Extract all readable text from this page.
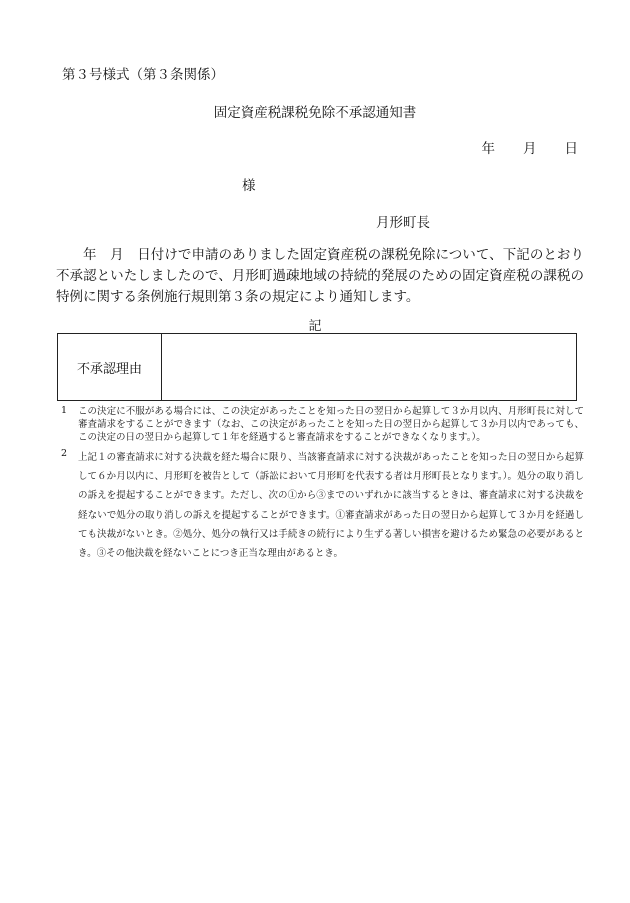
第３号様式（第３条関係）
固定資産税課税免除不承認通知書
年 月 日
様
月形町長
年　月　日付けで申請のありました固定資産税の課税免除について、下記のとおり不承認といたしましたので、月形町過疎地域の持続的発展のための固定資産税の課税の特例に関する条例施行規則第３条の規定により通知します。
記
不承認理由
1	この決定に不服がある場合には、この決定があったことを知った日の翌日から起算して３か月以内、月形町長に対して審査請求をすることができます（なお、この決定があったことを知った日の翌日から起算して３か月以内であっても、この決定の日の翌日から起算して１年を経過すると審査請求をすることができなくなります。）。
2	上記１の審査請求に対する決裁を経た場合に限り、当該審査請求に対する決裁があったことを知った日の翌日から起算して６か月以内に、月形町を被告として（訴訟において月形町を代表する者は月形町長となります。）。処分の取り消しの訴えを提起することができます。ただし、次の①から③までのいずれかに該当するときは、審査請求に対する決裁を経ないで処分の取り消しの訴えを提起することができます。①審査請求があった日の翌日から起算して３か月を経過しても決裁がないとき。②処分、処分の執行又は手続きの続行により生ずる著しい損害を避けるため緊急の必要があるとき。③その他決裁を経ないことにつき正当な理由があるとき。
